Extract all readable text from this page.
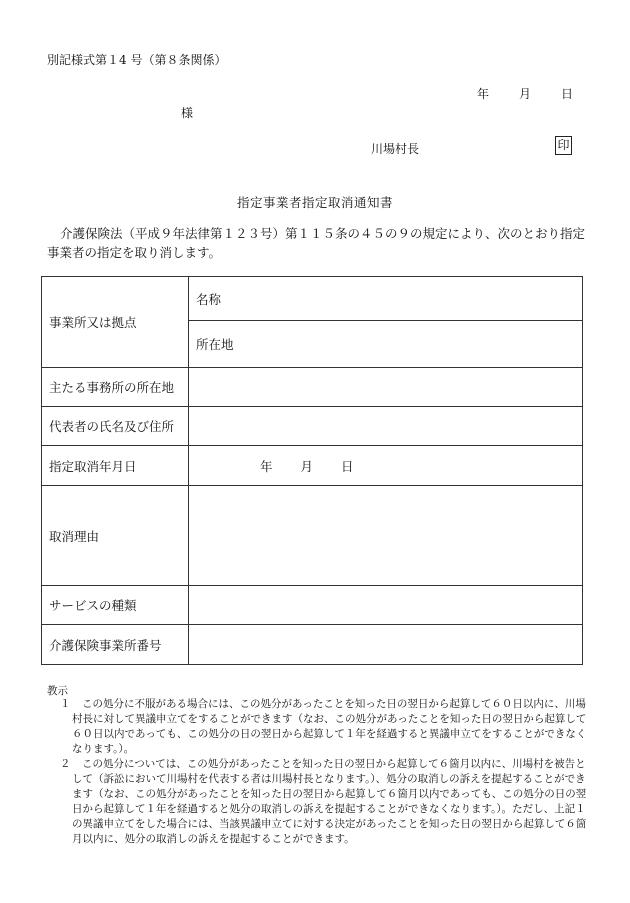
別記様式第１4 号（第８条関係）
年	月	日
様
川場村長	印
指定事業者指定取消通知書
介護保険法（平成９年法律第１２３号）第１１５条の４５の９の規定により、次のとおり指定事業者の指定を取り消します。
事業所又は拠点	名称
	所在地
主たる事務所の所在地	
代表者の氏名及び住所	
指定取消年月日	年 月 日
取消理由	
サービスの種類	
介護保険事業所番号	
教示
１ この処分に不服がある場合には、この処分があったことを知った日の翌日から起算して６０日以内に、川場村長に対して異議申立てをすることができます（なお、この処分があったことを知った日の翌日から起算して６０日以内であっても、この処分の日の翌日から起算して１年を経過すると異議申立てをすることができなくなります。）。
２ この処分については、この処分があったことを知った日の翌日から起算して６箇月以内に、川場村を被告として（訴訟において川場村を代表する者は川場村長となります。）、処分の取消しの訴えを提起することができます（なお、この処分があったことを知った日の翌日から起算して６箇月以内であっても、この処分の日の翌日から起算して１年を経過すると処分の取消しの訴えを提起することができなくなります。）。ただし、上記１の異議申立てをした場合には、当該異議申立てに対する決定があったことを知った日の翌日から起算して６箇月以内に、処分の取消しの訴えを提起することができます。
